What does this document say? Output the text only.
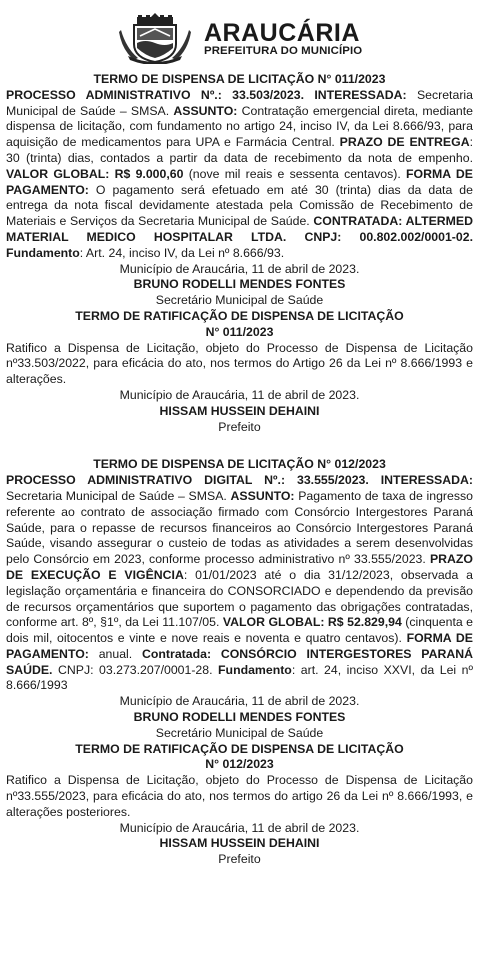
ARAUCÁRIA
PREFEITURA DO MUNICÍPIO

TERMO DE DISPENSA DE LICITAÇÃO N° 011/2023

PROCESSO ADMINISTRATIVO Nº.: 33.503/2023. INTERESSADA: Secretaria Municipal de Saúde – SMSA. ASSUNTO: Contratação emergencial direta, mediante dispensa de licitação, com fundamento no artigo 24, inciso IV, da Lei 8.666/93, para aquisição de medicamentos para UPA e Farmácia Central. PRAZO DE ENTREGA: 30 (trinta) dias, contados a partir da data de recebimento da nota de empenho. VALOR GLOBAL: R$ 9.000,60 (nove mil reais e sessenta centavos). FORMA DE PAGAMENTO: O pagamento será efetuado em até 30 (trinta) dias da data de entrega da nota fiscal devidamente atestada pela Comissão de Recebimento de Materiais e Serviços da Secretaria Municipal de Saúde. CONTRATADA: ALTERMED MATERIAL MEDICO HOSPITALAR LTDA. CNPJ: 00.802.002/0001-02. Fundamento: Art. 24, inciso IV, da Lei nº 8.666/93.

Município de Araucária, 11 de abril de 2023.

BRUNO RODELLI MENDES FONTES

Secretário Municipal de Saúde

TERMO DE RATIFICAÇÃO DE DISPENSA DE LICITAÇÃO

N° 011/2023

Ratifico a Dispensa de Licitação, objeto do Processo de Dispensa de Licitação nº33.503/2022, para eficácia do ato, nos termos do Artigo 26 da Lei nº 8.666/1993 e alterações.

Município de Araucária, 11 de abril de 2023.

HISSAM HUSSEIN DEHAINI

Prefeito

TERMO DE DISPENSA DE LICITAÇÃO N° 012/2023

PROCESSO ADMINISTRATIVO DIGITAL Nº.: 33.555/2023. INTERESSADA: Secretaria Municipal de Saúde – SMSA. ASSUNTO: Pagamento de taxa de ingresso referente ao contrato de associação firmado com Consórcio Intergestores Paraná Saúde, para o repasse de recursos financeiros ao Consórcio Intergestores Paraná Saúde, visando assegurar o custeio de todas as atividades a serem desenvolvidas pelo Consórcio em 2023, conforme processo administrativo nº 33.555/2023. PRAZO DE EXECUÇÃO E VIGÊNCIA: 01/01/2023 até o dia 31/12/2023, observada a legislação orçamentária e financeira do CONSORCIADO e dependendo da previsão de recursos orçamentários que suportem o pagamento das obrigações contratadas, conforme art. 8º, §1º, da Lei 11.107/05. VALOR GLOBAL: R$ 52.829,94 (cinquenta e dois mil, oitocentos e vinte e nove reais e noventa e quatro centavos). FORMA DE PAGAMENTO: anual. Contratada: CONSÓRCIO INTERGESTORES PARANÁ SAÚDE. CNPJ: 03.273.207/0001-28. Fundamento: art. 24, inciso XXVI, da Lei nº 8.666/1993

Município de Araucária, 11 de abril de 2023.

BRUNO RODELLI MENDES FONTES

Secretário Municipal de Saúde

TERMO DE RATIFICAÇÃO DE DISPENSA DE LICITAÇÃO

N° 012/2023

Ratifico a Dispensa de Licitação, objeto do Processo de Dispensa de Licitação nº33.555/2023, para eficácia do ato, nos termos do artigo 26 da Lei nº 8.666/1993, e alterações posteriores.

Município de Araucária, 11 de abril de 2023.

HISSAM HUSSEIN DEHAINI

Prefeito
